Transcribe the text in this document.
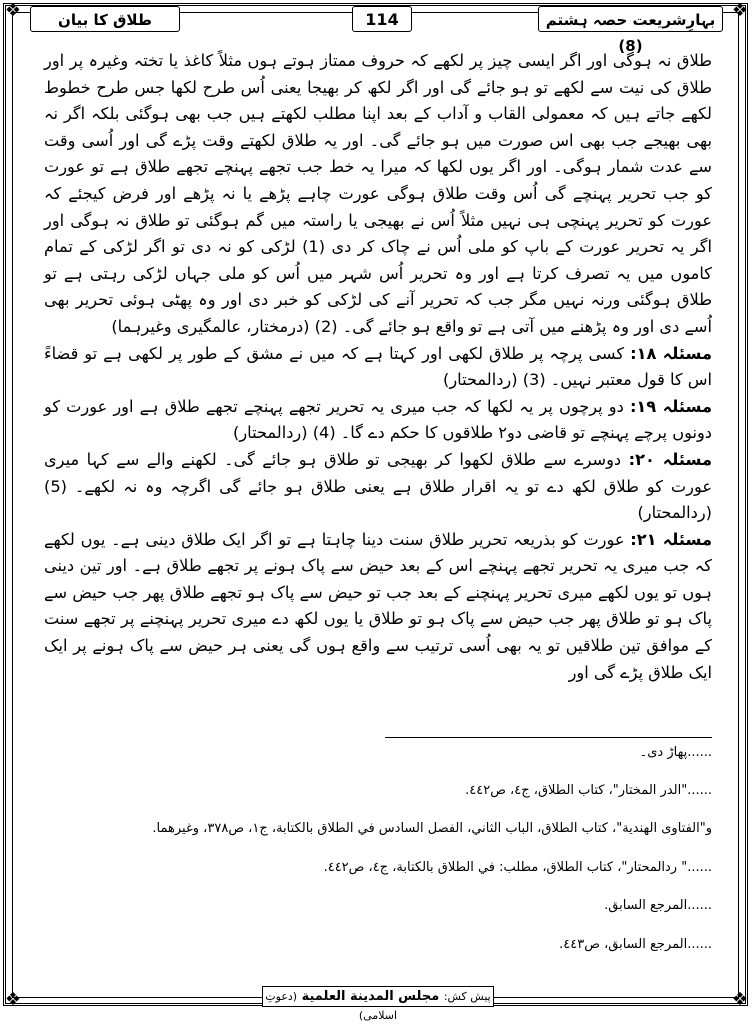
❖	❖
❖	❖
طلاق کا بیان	114	بہارِشریعت حصہ ہشتم (8)

طلاق نہ ہوگی اور اگر ایسی چیز پر لکھے کہ حروف ممتاز ہوتے ہوں مثلاً کاغذ یا تختہ وغیرہ پر اور طلاق کی نیت سے لکھے تو ہو جائے گی اور اگر لکھ کر بھیجا یعنی اُس طرح لکھا جس طرح خطوط لکھے جاتے ہیں کہ معمولی القاب و آداب کے بعد اپنا مطلب لکھتے ہیں جب بھی ہوگئی بلکہ اگر نہ بھی بھیجے جب بھی اس صورت میں ہو جائے گی۔ اور یہ طلاق لکھتے وقت پڑے گی اور اُسی وقت سے عدت شمار ہوگی۔ اور اگر یوں لکھا کہ میرا یہ خط جب تجھے پہنچے تجھے طلاق ہے تو عورت کو جب تحریر پہنچے گی اُس وقت طلاق ہوگی عورت چاہے پڑھے یا نہ پڑھے اور فرض کیجئے کہ عورت کو تحریر پہنچی ہی نہیں مثلاً اُس نے بھیجی یا راستہ میں گم ہوگئی تو طلاق نہ ہوگی اور اگر یہ تحریر عورت کے باپ کو ملی اُس نے چاک کر دی (1) لڑکی کو نہ دی تو اگر لڑکی کے تمام کاموں میں یہ تصرف کرتا ہے اور وہ تحریر اُس شہر میں اُس کو ملی جہاں لڑکی رہتی ہے تو طلاق ہوگئی ورنہ نہیں مگر جب کہ تحریر آنے کی لڑکی کو خبر دی اور وہ پھٹی ہوئی تحریر بھی اُسے دی اور وہ پڑھنے میں آتی ہے تو واقع ہو جائے گی۔ (2) (درمختار، عالمگیری وغیرہما)

مسئلہ ۱۸: کسی پرچہ پر طلاق لکھی اور کہتا ہے کہ میں نے مشق کے طور پر لکھی ہے تو قضاءً اس کا قول معتبر نہیں۔ (3) (ردالمحتار)

مسئلہ ۱۹: دو پرچوں پر یہ لکھا کہ جب میری یہ تحریر تجھے پہنچے تجھے طلاق ہے اور عورت کو دونوں پرچے پہنچے تو قاضی دو۲ طلاقوں کا حکم دے گا۔ (4) (ردالمحتار)

مسئلہ ۲۰: دوسرے سے طلاق لکھوا کر بھیجی تو طلاق ہو جائے گی۔ لکھنے والے سے کہا میری عورت کو طلاق لکھ دے تو یہ اقرار طلاق ہے یعنی طلاق ہو جائے گی اگرچہ وہ نہ لکھے۔ (5) (ردالمحتار)

مسئلہ ۲۱: عورت کو بذریعہ تحریر طلاق سنت دینا چاہتا ہے تو اگر ایک طلاق دینی ہے۔ یوں لکھے کہ جب میری یہ تحریر تجھے پہنچے اس کے بعد حیض سے پاک ہونے پر تجھے طلاق ہے۔ اور تین دینی ہوں تو یوں لکھے میری تحریر پہنچنے کے بعد جب تو حیض سے پاک ہو تجھے طلاق پھر جب حیض سے پاک ہو تو طلاق پھر جب حیض سے پاک ہو تو طلاق یا یوں لکھ دے میری تحریر پہنچنے پر تجھے سنت کے موافق تین طلاقیں تو یہ بھی اُسی ترتیب سے واقع ہوں گی یعنی ہر حیض سے پاک ہونے پر ایک ایک طلاق پڑے گی اور

......پھاڑ دی۔
......"الدر المختار"، كتاب الطلاق، ج٤، ص٤٤٢.
و"الفتاوى الهندية"، كتاب الطلاق، الباب الثاني، الفصل السادس في الطلاق بالكتابة، ج١، ص٣٧٨، وغيرهما.
......" ردالمحتار"، كتاب الطلاق، مطلب: في الطلاق بالكتابة، ج٤، ص٤٤٢.
......المرجع السابق.
......المرجع السابق، ص٤٤٣.
پیش کش: مجلس المدينة العلمية (دعوتِ اسلامی)
